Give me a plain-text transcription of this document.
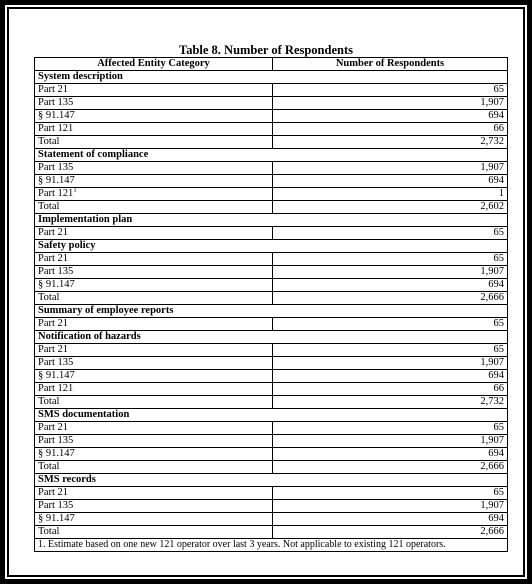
Table 8. Number of Respondents
Affected Entity Category	Number of Respondents
System description	
Part 21	65
Part 135	1,907
§ 91.147	694
Part 121	66
Total	2,732
Statement of compliance	
Part 135	1,907
§ 91.147	694
Part $121^1$	1
Total	2,602
Implementation plan	
Part 21	65
Safety policy	
Part 21	65
Part 135	1,907
§ 91.147	694
Total	2,666
Summary of employee reports	
Part 21	65
Notification of hazards	
Part 21	65
Part 135	1,907
§ 91.147	694
Part 121	66
Total	2,732
SMS documentation	
Part 21	65
Part 135	1,907
§ 91.147	694
Total	2,666
SMS records	
Part 21	65
Part 135	1,907
§ 91.147	694
Total	2,666
1. Estimate based on one new 121 operator over last 3 years. Not applicable to existing 121 operators.	
